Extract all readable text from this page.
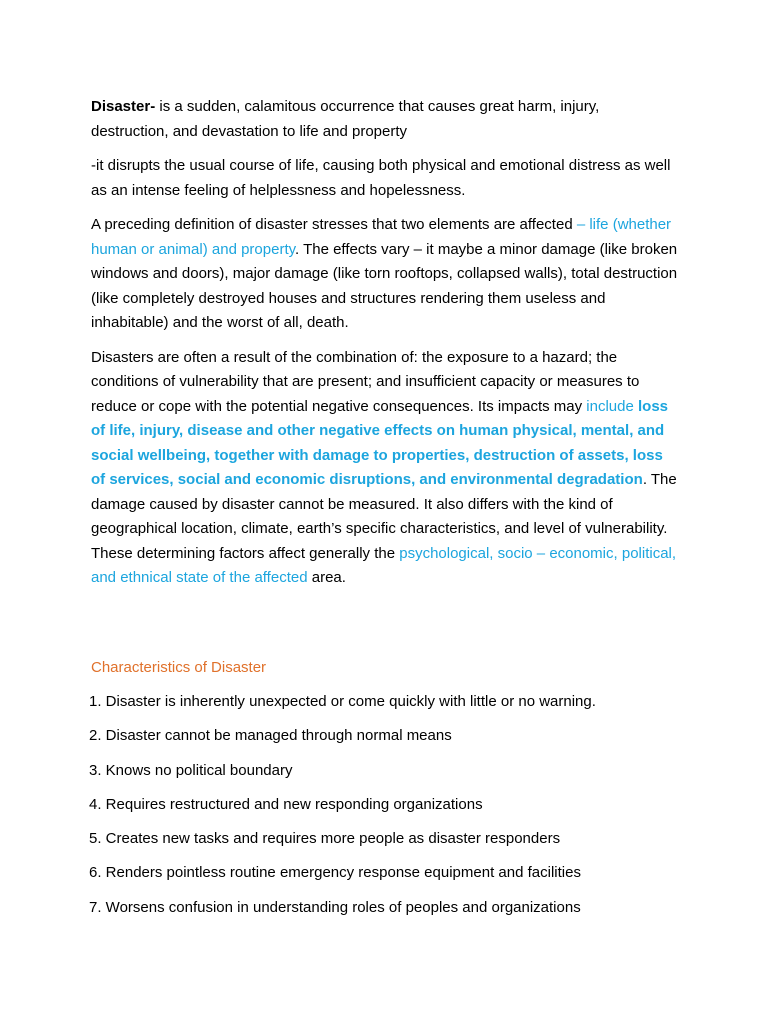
Disaster- is a sudden, calamitous occurrence that causes great harm, injury, destruction, and devastation to life and property

-it disrupts the usual course of life, causing both physical and emotional distress as well as an intense feeling of helplessness and hopelessness.

A preceding definition of disaster stresses that two elements are affected – life (whether human or animal) and property. The effects vary – it maybe a minor damage (like broken windows and doors), major damage (like torn rooftops, collapsed walls), total destruction (like completely destroyed houses and structures rendering them useless and inhabitable) and the worst of all, death.

Disasters are often a result of the combination of: the exposure to a hazard; the conditions of vulnerability that are present; and insufficient capacity or measures to reduce or cope with the potential negative consequences. Its impacts may include loss of life, injury, disease and other negative effects on human physical, mental, and social wellbeing, together with damage to properties, destruction of assets, loss of services, social and economic disruptions, and environmental degradation. The damage caused by disaster cannot be measured. It also differs with the kind of geographical location, climate, earth’s specific characteristics, and level of vulnerability. These determining factors affect generally the psychological, socio – economic, political, and ethnical state of the affected area.

Characteristics of Disaster
1. Disaster is inherently unexpected or come quickly with little or no warning.
2. Disaster cannot be managed through normal means
3. Knows no political boundary
4. Requires restructured and new responding organizations
5. Creates new tasks and requires more people as disaster responders
6. Renders pointless routine emergency response equipment and facilities
7. Worsens confusion in understanding roles of peoples and organizations
